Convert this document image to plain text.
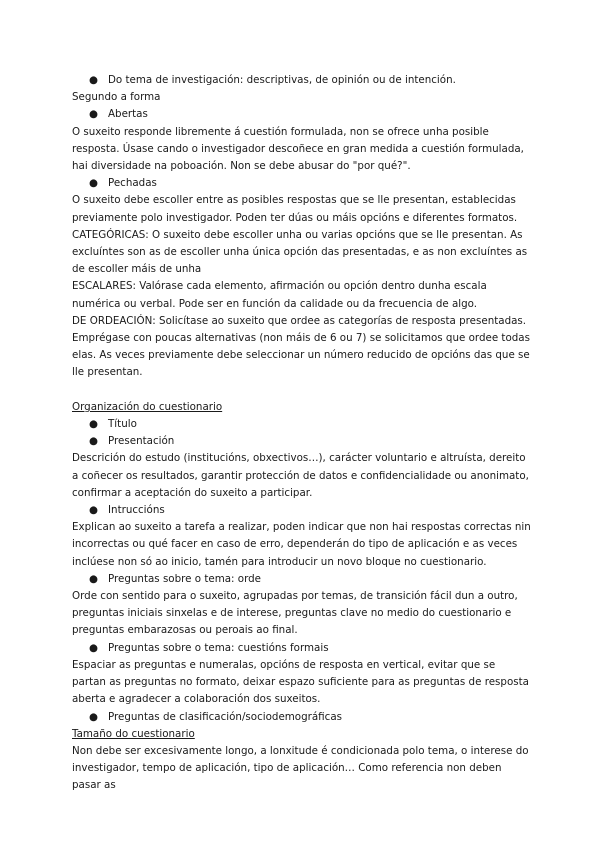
● Do tema de investigación: descriptivas, de opinión ou de intención.
Segundo a forma
● Abertas
O suxeito responde libremente á cuestión formulada, non se ofrece unha posible resposta. Úsase cando o investigador descoñece en gran medida a cuestión formulada, hai diversidade na poboación. Non se debe abusar do "por qué?".
● Pechadas
O suxeito debe escoller entre as posibles respostas que se lle presentan, establecidas previamente polo investigador. Poden ter dúas ou máis opcións e diferentes formatos.
CATEGÓRICAS: O suxeito debe escoller unha ou varias opcións que se lle presentan. As excluíntes son as de escoller unha única opción das presentadas, e as non excluíntes as de escoller máis de unha
ESCALARES: Valórase cada elemento, afirmación ou opción dentro dunha escala numérica ou verbal. Pode ser en función da calidade ou da frecuencia de algo.
DE ORDEACIÓN: Solicítase ao suxeito que ordee as categorías de resposta presentadas. Emprégase con poucas alternativas (non máis de 6 ou 7) se solicitamos que ordee todas elas. As veces previamente debe seleccionar un número reducido de opcións das que se lle presentan.
Organización do cuestionario
● Título
● Presentación
Descrición do estudo (institucións, obxectivos…), carácter voluntario e altruísta, dereito a coñecer os resultados, garantir protección de datos e confidencialidade ou anonimato, confirmar a aceptación do suxeito a participar.
● Intruccións
Explican ao suxeito a tarefa a realizar, poden indicar que non hai respostas correctas nin incorrectas ou qué facer en caso de erro, dependerán do tipo de aplicación e as veces inclúese non só ao inicio, tamén para introducir un novo bloque no cuestionario.
● Preguntas sobre o tema: orde
Orde con sentido para o suxeito, agrupadas por temas, de transición fácil dun a outro, preguntas iniciais sinxelas e de interese, preguntas clave no medio do cuestionario e preguntas embarazosas ou peroais ao final.
● Preguntas sobre o tema: cuestións formais
Espaciar as preguntas e numeralas, opcións de resposta en vertical, evitar que se partan as preguntas no formato, deixar espazo suficiente para as preguntas de resposta aberta e agradecer a colaboración dos suxeitos.
● Preguntas de clasificación/sociodemográficas
Tamaño do cuestionario
Non debe ser excesivamente longo, a lonxitude é condicionada polo tema, o interese do investigador, tempo de aplicación, tipo de aplicación… Como referencia non deben pasar as
